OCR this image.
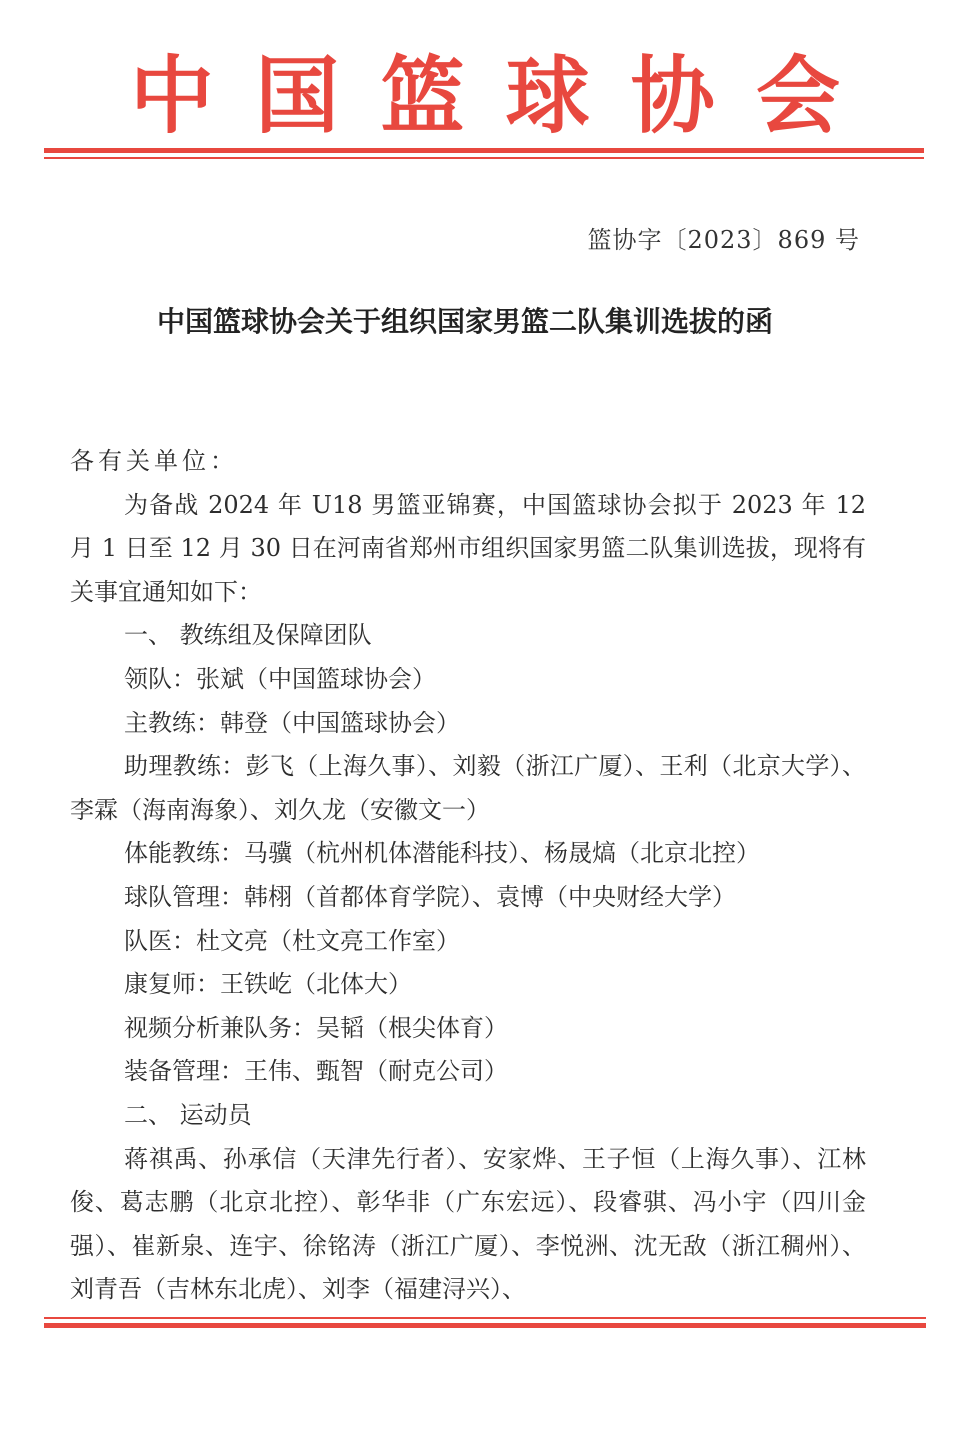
中 国 篮 球 协 会
篮协字〔2023〕869 号
中国篮球协会关于组织国家男篮二队集训选拔的函

各有关单位：

为备战 2024 年 U18 男篮亚锦赛，中国篮球协会拟于 2023 年 12 月 1 日至 12 月 30 日在河南省郑州市组织国家男篮二队集训选拔，现将有关事宜通知如下：

一、 教练组及保障团队

领队：张斌（中国篮球协会）

主教练：韩登（中国篮球协会）

助理教练：彭飞（上海久事）、刘毅（浙江广厦）、王利（北京大学）、李霖（海南海象）、刘久龙（安徽文一）

体能教练：马骥（杭州机体潜能科技）、杨晟熇（北京北控）

球队管理：韩栩（首都体育学院）、袁博（中央财经大学）

队医：杜文亮（杜文亮工作室）

康复师：王铁屹（北体大）

视频分析兼队务：吴韬（根尖体育）

装备管理：王伟、甄智（耐克公司）

二、 运动员

蒋祺禹、孙承信（天津先行者）、安家烨、王子恒（上海久事）、江林俊、葛志鹏（北京北控）、彰华非（广东宏远）、段睿骐、冯小宇（四川金强）、崔新泉、连宇、徐铭涛（浙江广厦）、李悦洲、沈无敌（浙江稠州）、刘青吾（吉林东北虎）、刘李（福建浔兴）、
